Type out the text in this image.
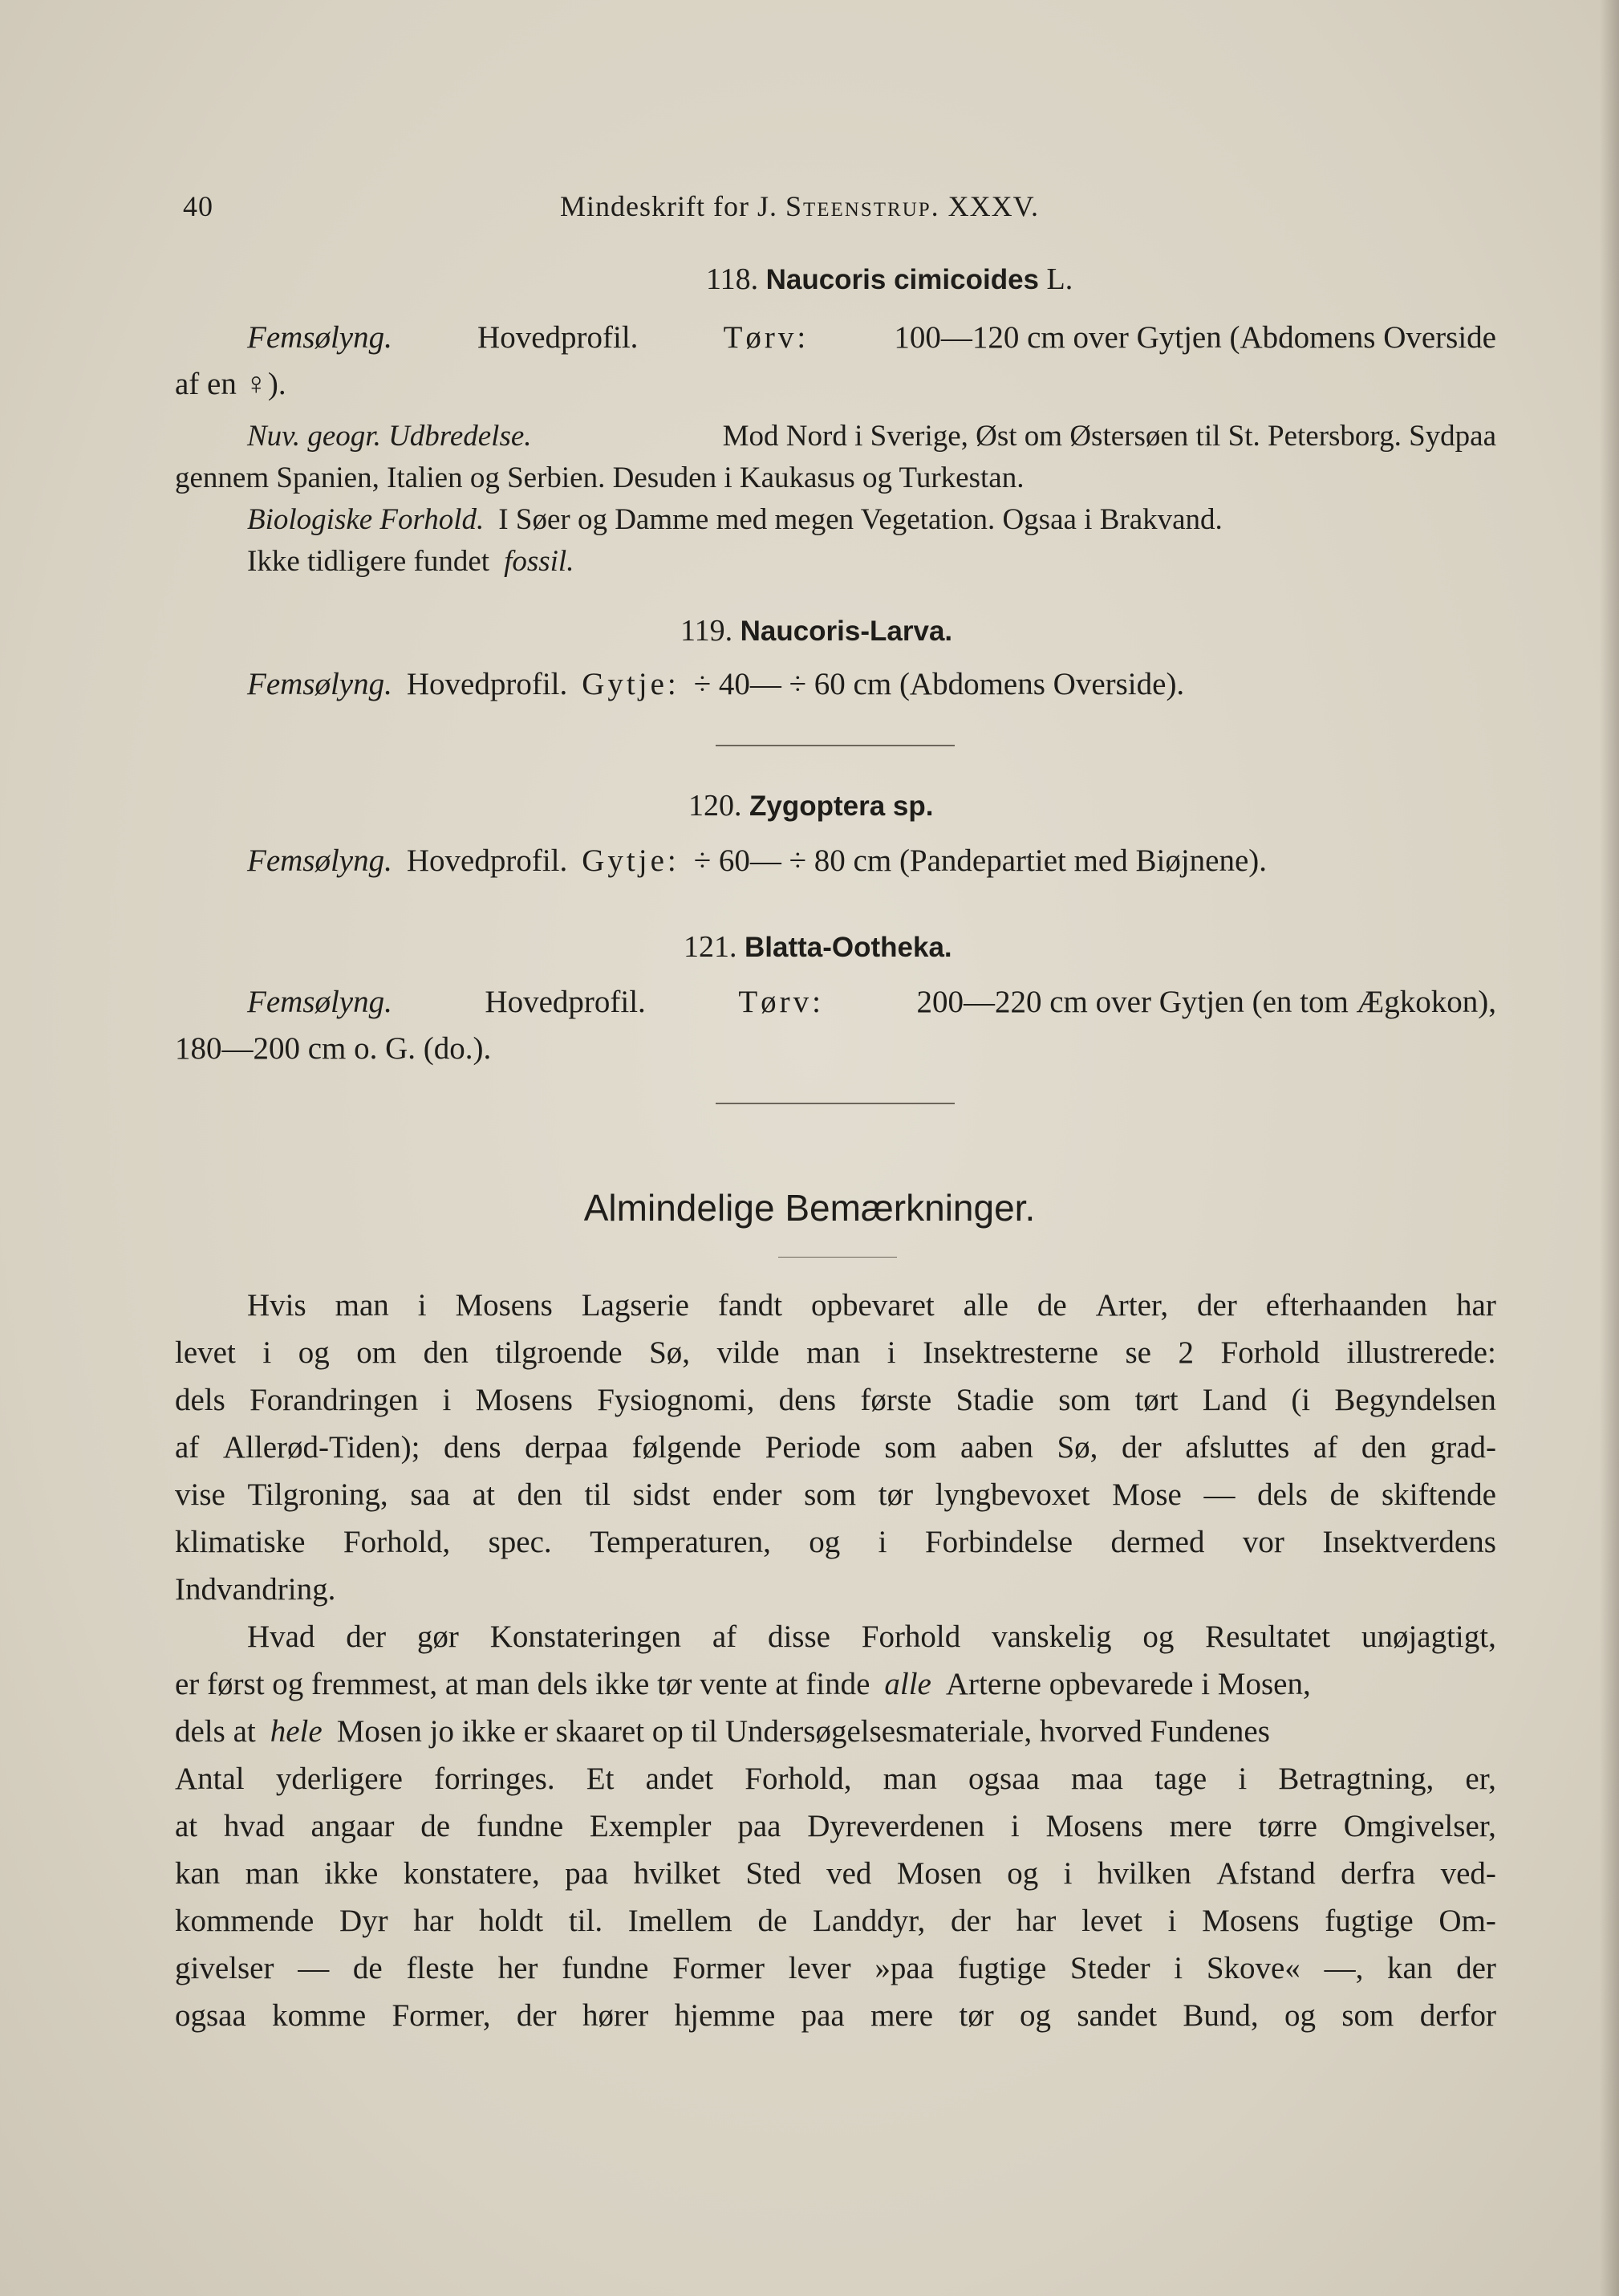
40	Mindeskrift for J. Steenstrup. XXXV.
118. Naucoris cimicoides L.
Femsølyng.	Hovedprofil.	Tørv:	100—120 cm over Gytjen (Abdomens Overside
af en ♀).
Nuv. geogr. Udbredelse.	Mod Nord i Sverige, Øst om Østersøen til St. Petersborg. Sydpaa
gennem Spanien, Italien og Serbien. Desuden i Kaukasus og Turkestan.
Biologiske Forhold. I Søer og Damme med megen Vegetation. Ogsaa i Brakvand.
Ikke tidligere fundet fossil.
119. Naucoris-Larva.
Femsølyng. Hovedprofil. Gytje: ÷ 40— ÷ 60 cm (Abdomens Overside).
120. Zygoptera sp.
Femsølyng. Hovedprofil. Gytje: ÷ 60— ÷ 80 cm (Pandepartiet med Biøjnene).
121. Blatta-Ootheka.
Femsølyng.	Hovedprofil.	Tørv:	200—220 cm over Gytjen (en tom Ægkokon),
180—200 cm o. G. (do.).
Almindelige Bemærkninger.
Hvis man i Mosens Lagserie fandt opbevaret alle de Arter, der efterhaanden har
levet i og om den tilgroende Sø, vilde man i Insektresterne se 2 Forhold illustrerede:
dels Forandringen i Mosens Fysiognomi, dens første Stadie som tørt Land (i Begyndelsen
af Allerød-Tiden); dens derpaa følgende Periode som aaben Sø, der afsluttes af den grad-
vise Tilgroning, saa at den til sidst ender som tør lyngbevoxet Mose — dels de skiftende
klimatiske Forhold, spec. Temperaturen, og i Forbindelse dermed vor Insektverdens
Indvandring.
Hvad der gør Konstateringen af disse Forhold vanskelig og Resultatet unøjagtigt,
er først og fremmest, at man dels ikke tør vente at finde alle Arterne opbevarede i Mosen,
dels at hele Mosen jo ikke er skaaret op til Undersøgelsesmateriale, hvorved Fundenes
Antal yderligere forringes. Et andet Forhold, man ogsaa maa tage i Betragtning, er,
at hvad angaar de fundne Exempler paa Dyreverdenen i Mosens mere tørre Omgivelser,
kan man ikke konstatere, paa hvilket Sted ved Mosen og i hvilken Afstand derfra ved-
kommende Dyr har holdt til. Imellem de Landdyr, der har levet i Mosens fugtige Om-
givelser — de fleste her fundne Former lever »paa fugtige Steder i Skove« —, kan der
ogsaa komme Former, der hører hjemme paa mere tør og sandet Bund, og som derfor
